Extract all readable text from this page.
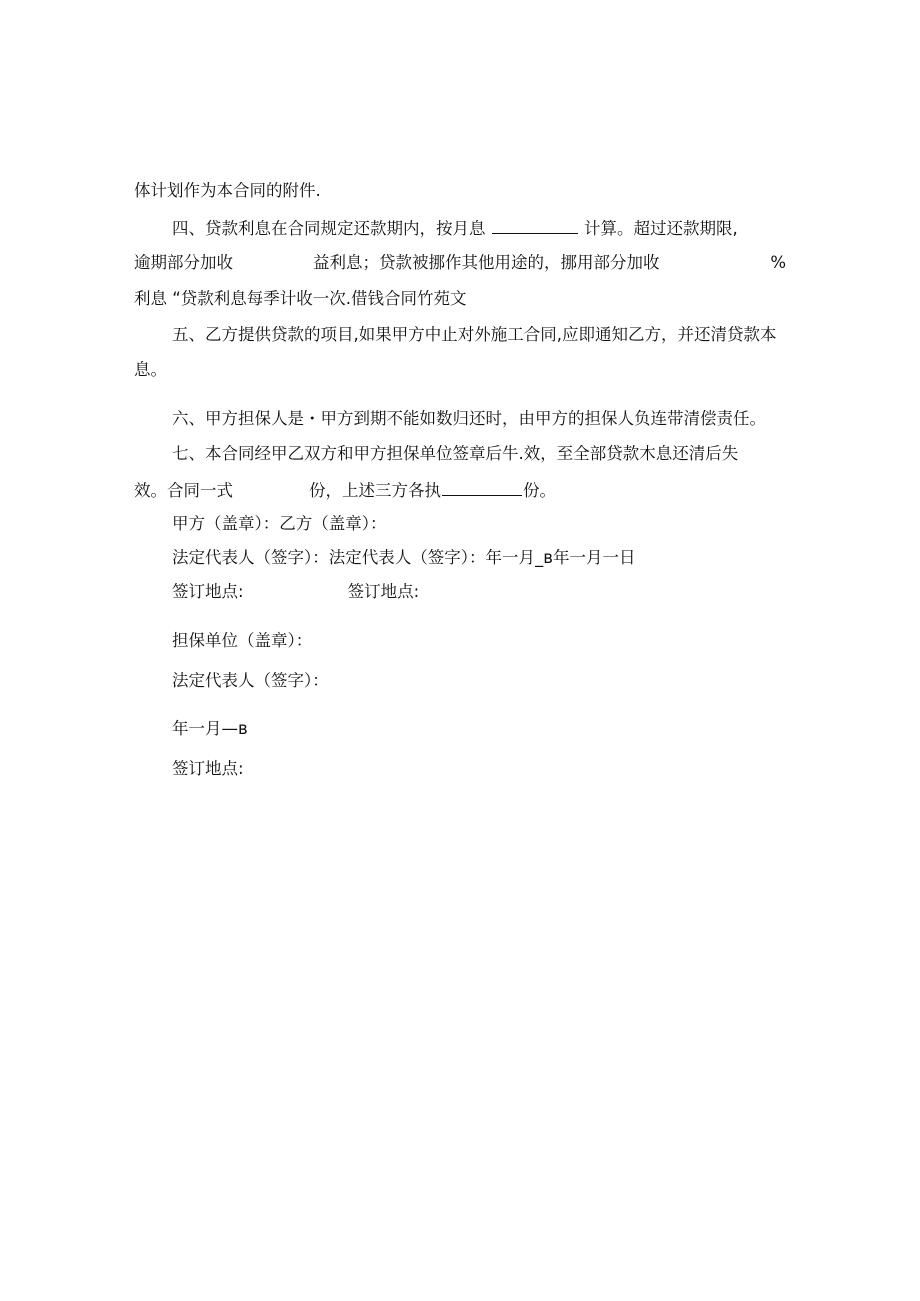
体计划作为本合同的附件.
四、贷款利息在合同规定还款期内，按月息	计算。超过还款期限,
逾期部分加收	益利息；贷款被挪作其他用途的，挪用部分加收	%
利息 “贷款利息每季计收一次.借钱合同竹苑文
五、乙方提供贷款的项目,如果甲方中止对外施工合同,应即通知乙方，并还清贷款本
息。
六、甲方担保人是・甲方到期不能如数归还时，由甲方的担保人负连带清偿责任。
七、本合同经甲乙双方和甲方担保单位签章后牛.效，至全部贷款木息还清后失
效。合同一式	份，上述三方各执	份。
甲方（盖章）：乙方（盖章）：
法定代表人（签字）：法定代表人（签字）：年一月_в年一月一日
签订地点:	签订地点:
担保单位（盖章）：
法定代表人（签字）：
年一月—в
签订地点:
